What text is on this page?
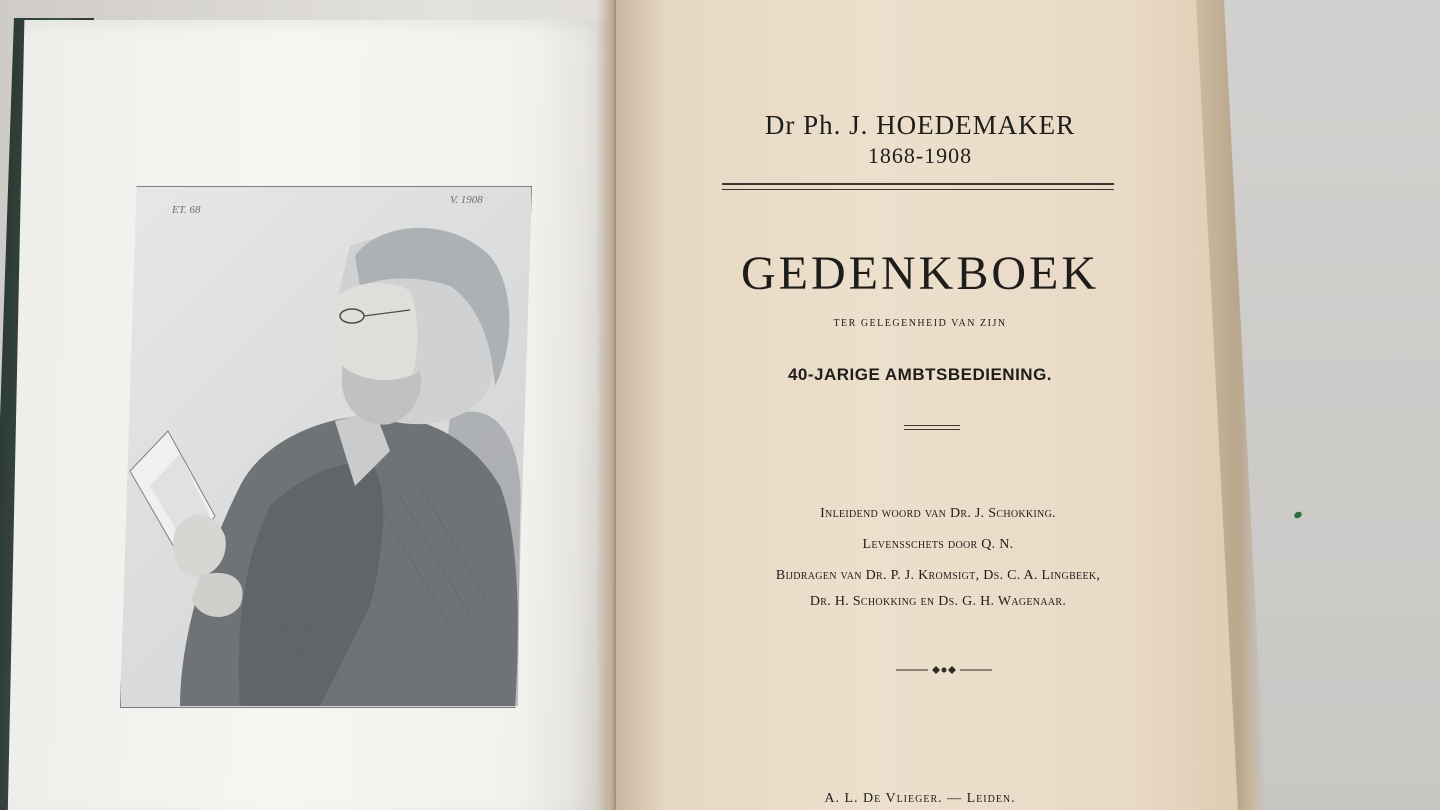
ET. 68
V. 1908
Dr Ph. J. HOEDEMAKER
1868-1908
GEDENKBOEK
TER GELEGENHEID VAN ZIJN
40-JARIGE AMBTSBEDIENING.
Inleidend woord van Dr. J. Schokking.
Levensschets door Q. N.
Bijdragen van Dr. P. J. Kromsigt, Ds. C. A. Lingbeek,
Dr. H. Schokking en Ds. G. H. Wagenaar.
A. L. De Vlieger. — Leiden.
